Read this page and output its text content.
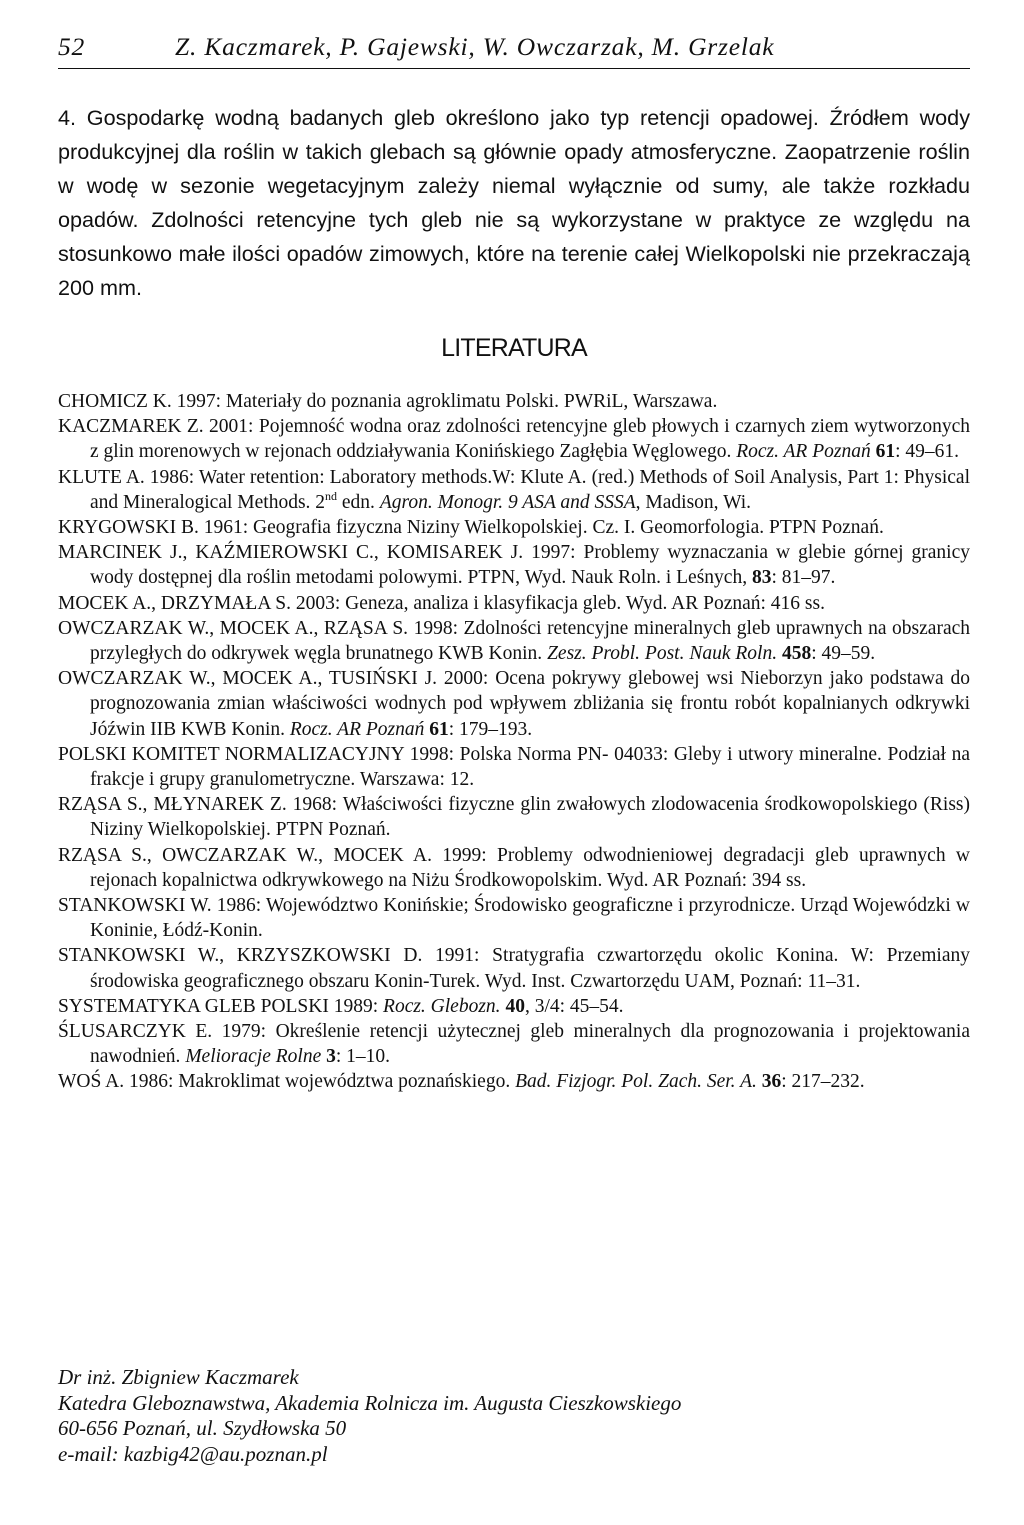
52	Z. Kaczmarek, P. Gajewski, W. Owczarzak, M. Grzelak

4. Gospodarkę wodną badanych gleb określono jako typ retencji opadowej. Źródłem wody produkcyjnej dla roślin w takich glebach są głównie opady atmosferyczne. Zaopatrzenie roślin w wodę w sezonie wegetacyjnym zależy niemal wyłącznie od sumy, ale także rozkładu opadów. Zdolności retencyjne tych gleb nie są wykorzystane w praktyce ze względu na stosunkowo małe ilości opadów zimowych, które na terenie całej Wielkopolski nie przekraczają 200 mm.

LITERATURA
CHOMICZ K. 1997: Materiały do poznania agroklimatu Polski. PWRiL, Warszawa.
KACZMAREK Z. 2001: Pojemność wodna oraz zdolności retencyjne gleb płowych i czarnych ziem wytworzonych z glin morenowych w rejonach oddziaływania Konińskiego Zagłębia Węglowego. Rocz. AR Poznań 61: 49–61.
KLUTE A. 1986: Water retention: Laboratory methods.W: Klute A. (red.) Methods of Soil Analysis, Part 1: Physical and Mineralogical Methods. 2nd edn. Agron. Monogr. 9 ASA and SSSA, Madison, Wi.
KRYGOWSKI B. 1961: Geografia fizyczna Niziny Wielkopolskiej. Cz. I. Geomorfologia. PTPN Poznań.
MARCINEK J., KAŹMIEROWSKI C., KOMISAREK J. 1997: Problemy wyznaczania w glebie górnej granicy wody dostępnej dla roślin metodami polowymi. PTPN, Wyd. Nauk Roln. i Leśnych, 83: 81–97.
MOCEK A., DRZYMAŁA S. 2003: Geneza, analiza i klasyfikacja gleb. Wyd. AR Poznań: 416 ss.
OWCZARZAK W., MOCEK A., RZĄSA S. 1998: Zdolności retencyjne mineralnych gleb uprawnych na obszarach przyległych do odkrywek węgla brunatnego KWB Konin. Zesz. Probl. Post. Nauk Roln. 458: 49–59.
OWCZARZAK W., MOCEK A., TUSIŃSKI J. 2000: Ocena pokrywy glebowej wsi Nieborzyn jako podstawa do prognozowania zmian właściwości wodnych pod wpływem zbliżania się frontu robót kopalnianych odkrywki Jóźwin IIB KWB Konin. Rocz. AR Poznań 61: 179–193.
POLSKI KOMITET NORMALIZACYJNY 1998: Polska Norma PN- 04033: Gleby i utwory mineralne. Podział na frakcje i grupy granulometryczne. Warszawa: 12.
RZĄSA S., MŁYNAREK Z. 1968: Właściwości fizyczne glin zwałowych zlodowacenia środkowopolskiego (Riss) Niziny Wielkopolskiej. PTPN Poznań.
RZĄSA S., OWCZARZAK W., MOCEK A. 1999: Problemy odwodnieniowej degradacji gleb uprawnych w rejonach kopalnictwa odkrywkowego na Niżu Środkowopolskim. Wyd. AR Poznań: 394 ss.
STANKOWSKI W. 1986: Województwo Konińskie; Środowisko geograficzne i przyrodnicze. Urząd Wojewódzki w Koninie, Łódź-Konin.
STANKOWSKI W., KRZYSZKOWSKI D. 1991: Stratygrafia czwartorzędu okolic Konina. W: Przemiany środowiska geograficznego obszaru Konin-Turek. Wyd. Inst. Czwartorzędu UAM, Poznań: 11–31.
SYSTEMATYKA GLEB POLSKI 1989: Rocz. Glebozn. 40, 3/4: 45–54.
ŚLUSARCZYK E. 1979: Określenie retencji użytecznej gleb mineralnych dla prognozowania i projektowania nawodnień. Melioracje Rolne 3: 1–10.
WOŚ A. 1986: Makroklimat województwa poznańskiego. Bad. Fizjogr. Pol. Zach. Ser. A. 36: 217–232.
Dr inż. Zbigniew Kaczmarek
Katedra Gleboznawstwa, Akademia Rolnicza im. Augusta Cieszkowskiego
60-656 Poznań, ul. Szydłowska 50
e-mail: kazbig42@au.poznan.pl
